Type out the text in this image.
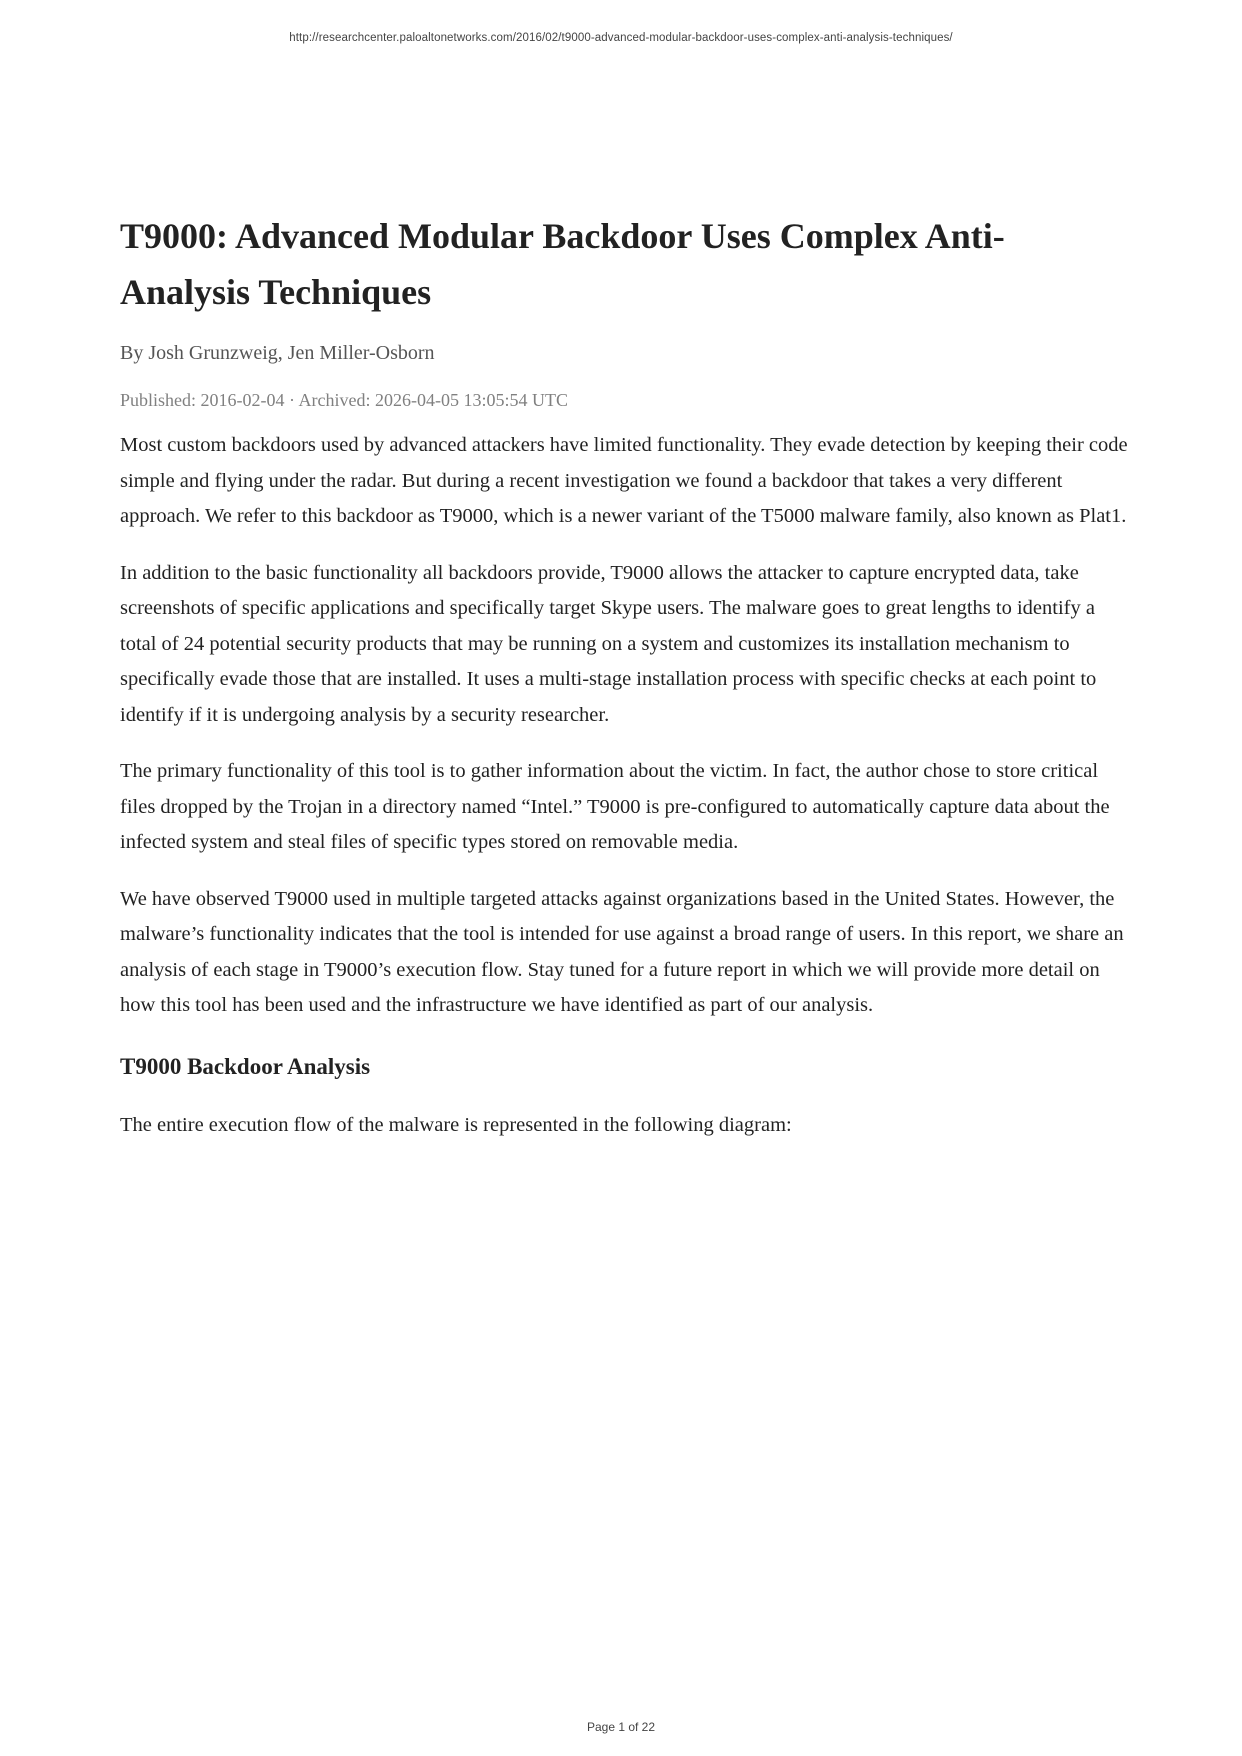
http://researchcenter.paloaltonetworks.com/2016/02/t9000-advanced-modular-backdoor-uses-complex-anti-analysis-techniques/
T9000: Advanced Modular Backdoor Uses Complex Anti-Analysis Techniques
By Josh Grunzweig, Jen Miller-Osborn
Published: 2016-02-04 · Archived: 2026-04-05 13:05:54 UTC

Most custom backdoors used by advanced attackers have limited functionality. They evade detection by keeping their code simple and flying under the radar. But during a recent investigation we found a backdoor that takes a very different approach. We refer to this backdoor as T9000, which is a newer variant of the T5000 malware family, also known as Plat1.

In addition to the basic functionality all backdoors provide, T9000 allows the attacker to capture encrypted data, take screenshots of specific applications and specifically target Skype users. The malware goes to great lengths to identify a total of 24 potential security products that may be running on a system and customizes its installation mechanism to specifically evade those that are installed. It uses a multi-stage installation process with specific checks at each point to identify if it is undergoing analysis by a security researcher.

The primary functionality of this tool is to gather information about the victim. In fact, the author chose to store critical files dropped by the Trojan in a directory named “Intel.” T9000 is pre-configured to automatically capture data about the infected system and steal files of specific types stored on removable media.

We have observed T9000 used in multiple targeted attacks against organizations based in the United States. However, the malware’s functionality indicates that the tool is intended for use against a broad range of users. In this report, we share an analysis of each stage in T9000’s execution flow. Stay tuned for a future report in which we will provide more detail on how this tool has been used and the infrastructure we have identified as part of our analysis.

T9000 Backdoor Analysis

The entire execution flow of the malware is represented in the following diagram:

Page 1 of 22
